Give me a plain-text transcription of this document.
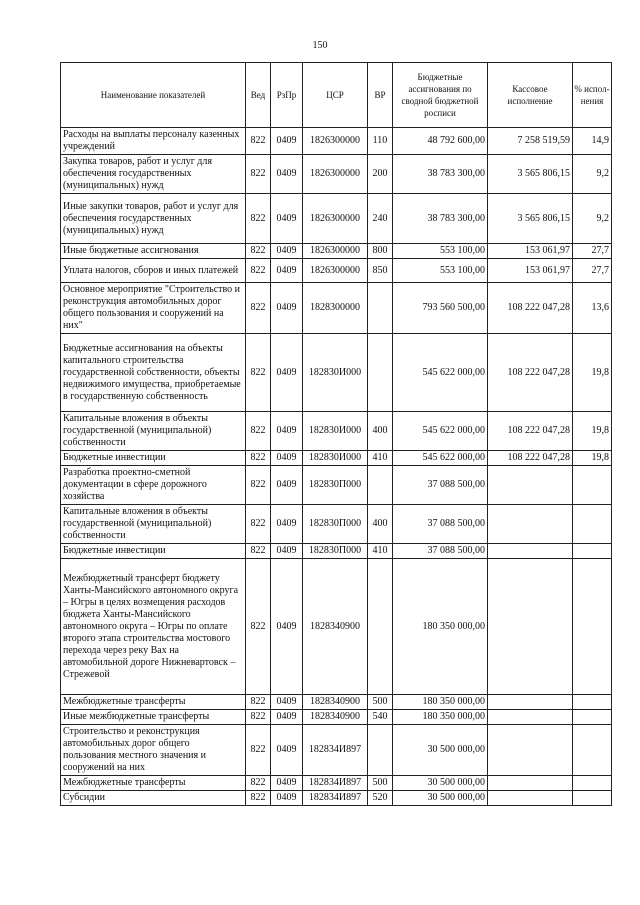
150
Наименование показателей	Вед	РзПр	ЦСР	ВР	Бюджетные ассигнования по сводной бюджетной росписи	Кассовое исполнение	% испол-нения
Расходы на выплаты персоналу казенных учреждений	822	0409	1826300000	110	48 792 600,00	7 258 519,59	14,9
Закупка товаров, работ и услуг для обеспечения государственных (муниципальных) нужд	822	0409	1826300000	200	38 783 300,00	3 565 806,15	9,2
Иные закупки товаров, работ и услуг для обеспечения государственных (муниципальных) нужд	822	0409	1826300000	240	38 783 300,00	3 565 806,15	9,2
Иные бюджетные ассигнования	822	0409	1826300000	800	553 100,00	153 061,97	27,7
Уплата налогов, сборов и иных платежей	822	0409	1826300000	850	553 100,00	153 061,97	27,7
Основное мероприятие "Строительство и реконструкция автомобильных дорог общего пользования и сооружений на них"	822	0409	1828300000		793 560 500,00	108 222 047,28	13,6
Бюджетные ассигнования на объекты капитального строительства государственной собственности, объекты недвижимого имущества, приобретаемые в государственную собственность	822	0409	182830И000		545 622 000,00	108 222 047,28	19,8
Капитальные вложения в объекты государственной (муниципальной) собственности	822	0409	182830И000	400	545 622 000,00	108 222 047,28	19,8
Бюджетные инвестиции	822	0409	182830И000	410	545 622 000,00	108 222 047,28	19,8
Разработка проектно-сметной документации в сфере дорожного хозяйства	822	0409	182830П000		37 088 500,00		
Капитальные вложения в объекты государственной (муниципальной) собственности	822	0409	182830П000	400	37 088 500,00		
Бюджетные инвестиции	822	0409	182830П000	410	37 088 500,00		
Межбюджетный трансферт бюджету Ханты-Мансийского автономного округа – Югры в целях возмещения расходов бюджета Ханты-Мансийского автономного округа – Югры по оплате второго этапа строительства мостового перехода через реку Вах на автомобильной дороге Нижневартовск – Стрежевой	822	0409	1828340900		180 350 000,00		
Межбюджетные трансферты	822	0409	1828340900	500	180 350 000,00		
Иные межбюджетные трансферты	822	0409	1828340900	540	180 350 000,00		
Строительство и реконструкция автомобильных дорог общего пользования местного значения и сооружений на них	822	0409	182834И897		30 500 000,00		
Межбюджетные трансферты	822	0409	182834И897	500	30 500 000,00		
Субсидии	822	0409	182834И897	520	30 500 000,00		
